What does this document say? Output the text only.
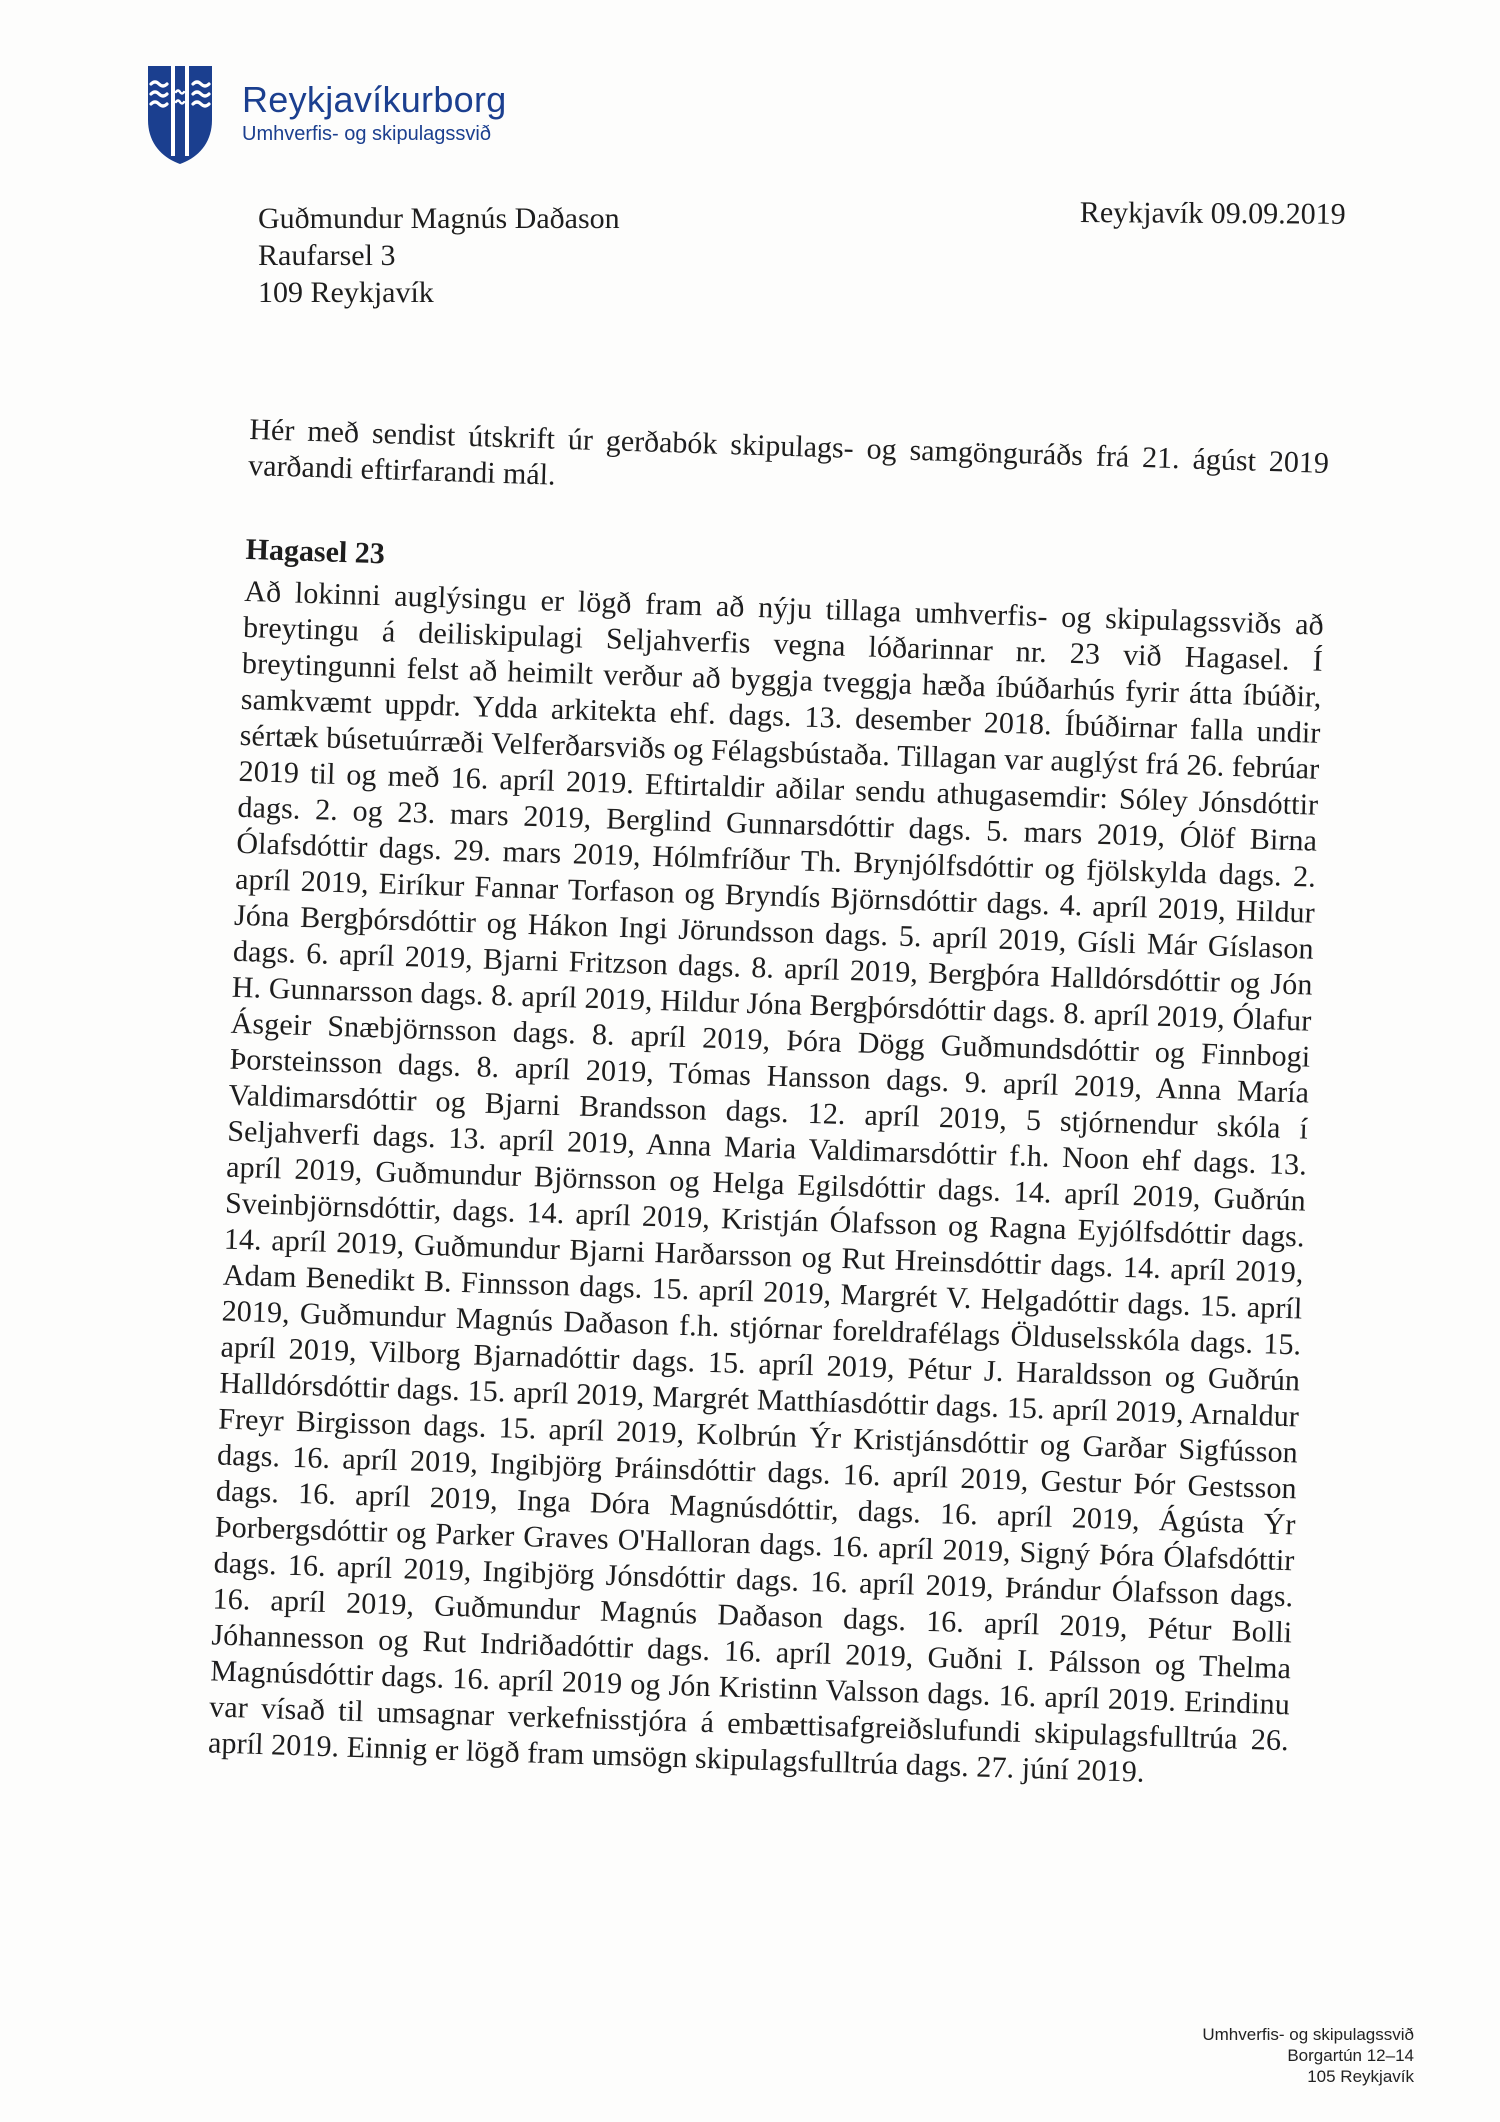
Reykjavíkurborg
Umhverfis- og skipulagssvið
Guðmundur Magnús Daðason
Raufarsel 3
109 Reykjavík
Reykjavík 09.09.2019

Hér með sendist útskrift úr gerðabók skipulags- og samgönguráðs frá 21. ágúst 2019 varðandi eftirfarandi mál.

Hagasel 23

Að lokinni auglýsingu er lögð fram að nýju tillaga umhverfis- og skipulagssviðs að breytingu á deiliskipulagi Seljahverfis vegna lóðarinnar nr. 23 við Hagasel. Í breytingunni felst að heimilt verður að byggja tveggja hæða íbúðarhús fyrir átta íbúðir, samkvæmt uppdr. Ydda arkitekta ehf. dags. 13. desember 2018. Íbúðirnar falla undir sértæk búsetuúrræði Velferðarsviðs og Félagsbústaða. Tillagan var auglýst frá 26. febrúar 2019 til og með 16. apríl 2019. Eftirtaldir aðilar sendu athugasemdir: Sóley Jónsdóttir dags. 2. og 23. mars 2019, Berglind Gunnarsdóttir dags. 5. mars 2019, Ólöf Birna Ólafsdóttir dags. 29. mars 2019, Hólmfríður Th. Brynjólfsdóttir og fjölskylda dags. 2. apríl 2019, Eiríkur Fannar Torfason og Bryndís Björnsdóttir dags. 4. apríl 2019, Hildur Jóna Bergþórsdóttir og Hákon Ingi Jörundsson dags. 5. apríl 2019, Gísli Már Gíslason dags. 6. apríl 2019, Bjarni Fritzson dags. 8. apríl 2019, Bergþóra Halldórsdóttir og Jón H. Gunnarsson dags. 8. apríl 2019, Hildur Jóna Bergþórsdóttir dags. 8. apríl 2019, Ólafur Ásgeir Snæbjörnsson dags. 8. apríl 2019, Þóra Dögg Guðmundsdóttir og Finnbogi Þorsteinsson dags. 8. apríl 2019, Tómas Hansson dags. 9. apríl 2019, Anna María Valdimarsdóttir og Bjarni Brandsson dags. 12. apríl 2019, 5 stjórnendur skóla í Seljahverfi dags. 13. apríl 2019, Anna Maria Valdimarsdóttir f.h. Noon ehf dags. 13. apríl 2019, Guðmundur Björnsson og Helga Egilsdóttir dags. 14. apríl 2019, Guðrún Sveinbjörnsdóttir, dags. 14. apríl 2019, Kristján Ólafsson og Ragna Eyjólfsdóttir dags. 14. apríl 2019, Guðmundur Bjarni Harðarsson og Rut Hreinsdóttir dags. 14. apríl 2019, Adam Benedikt B. Finnsson dags. 15. apríl 2019, Margrét V. Helgadóttir dags. 15. apríl 2019, Guðmundur Magnús Daðason f.h. stjórnar foreldrafélags Ölduselsskóla dags. 15. apríl 2019, Vilborg Bjarnadóttir dags. 15. apríl 2019, Pétur J. Haraldsson og Guðrún Halldórsdóttir dags. 15. apríl 2019, Margrét Matthíasdóttir dags. 15. apríl 2019, Arnaldur Freyr Birgisson dags. 15. apríl 2019, Kolbrún Ýr Kristjánsdóttir og Garðar Sigfússon dags. 16. apríl 2019, Ingibjörg Þráinsdóttir dags. 16. apríl 2019, Gestur Þór Gestsson dags. 16. apríl 2019, Inga Dóra Magnúsdóttir, dags. 16. apríl 2019, Ágústa Ýr Þorbergsdóttir og Parker Graves O'Halloran dags. 16. apríl 2019, Signý Þóra Ólafsdóttir dags. 16. apríl 2019, Ingibjörg Jónsdóttir dags. 16. apríl 2019, Þrándur Ólafsson dags. 16. apríl 2019, Guðmundur Magnús Daðason dags. 16. apríl 2019, Pétur Bolli Jóhannesson og Rut Indriðadóttir dags. 16. apríl 2019, Guðni I. Pálsson og Thelma Magnúsdóttir dags. 16. apríl 2019 og Jón Kristinn Valsson dags. 16. apríl 2019. Erindinu var vísað til umsagnar verkefnisstjóra á embættisafgreiðslufundi skipulagsfulltrúa 26. apríl 2019. Einnig er lögð fram umsögn skipulagsfulltrúa dags. 27. júní 2019.

Umhverfis- og skipulagssvið
Borgartún 12–14
105 Reykjavík
